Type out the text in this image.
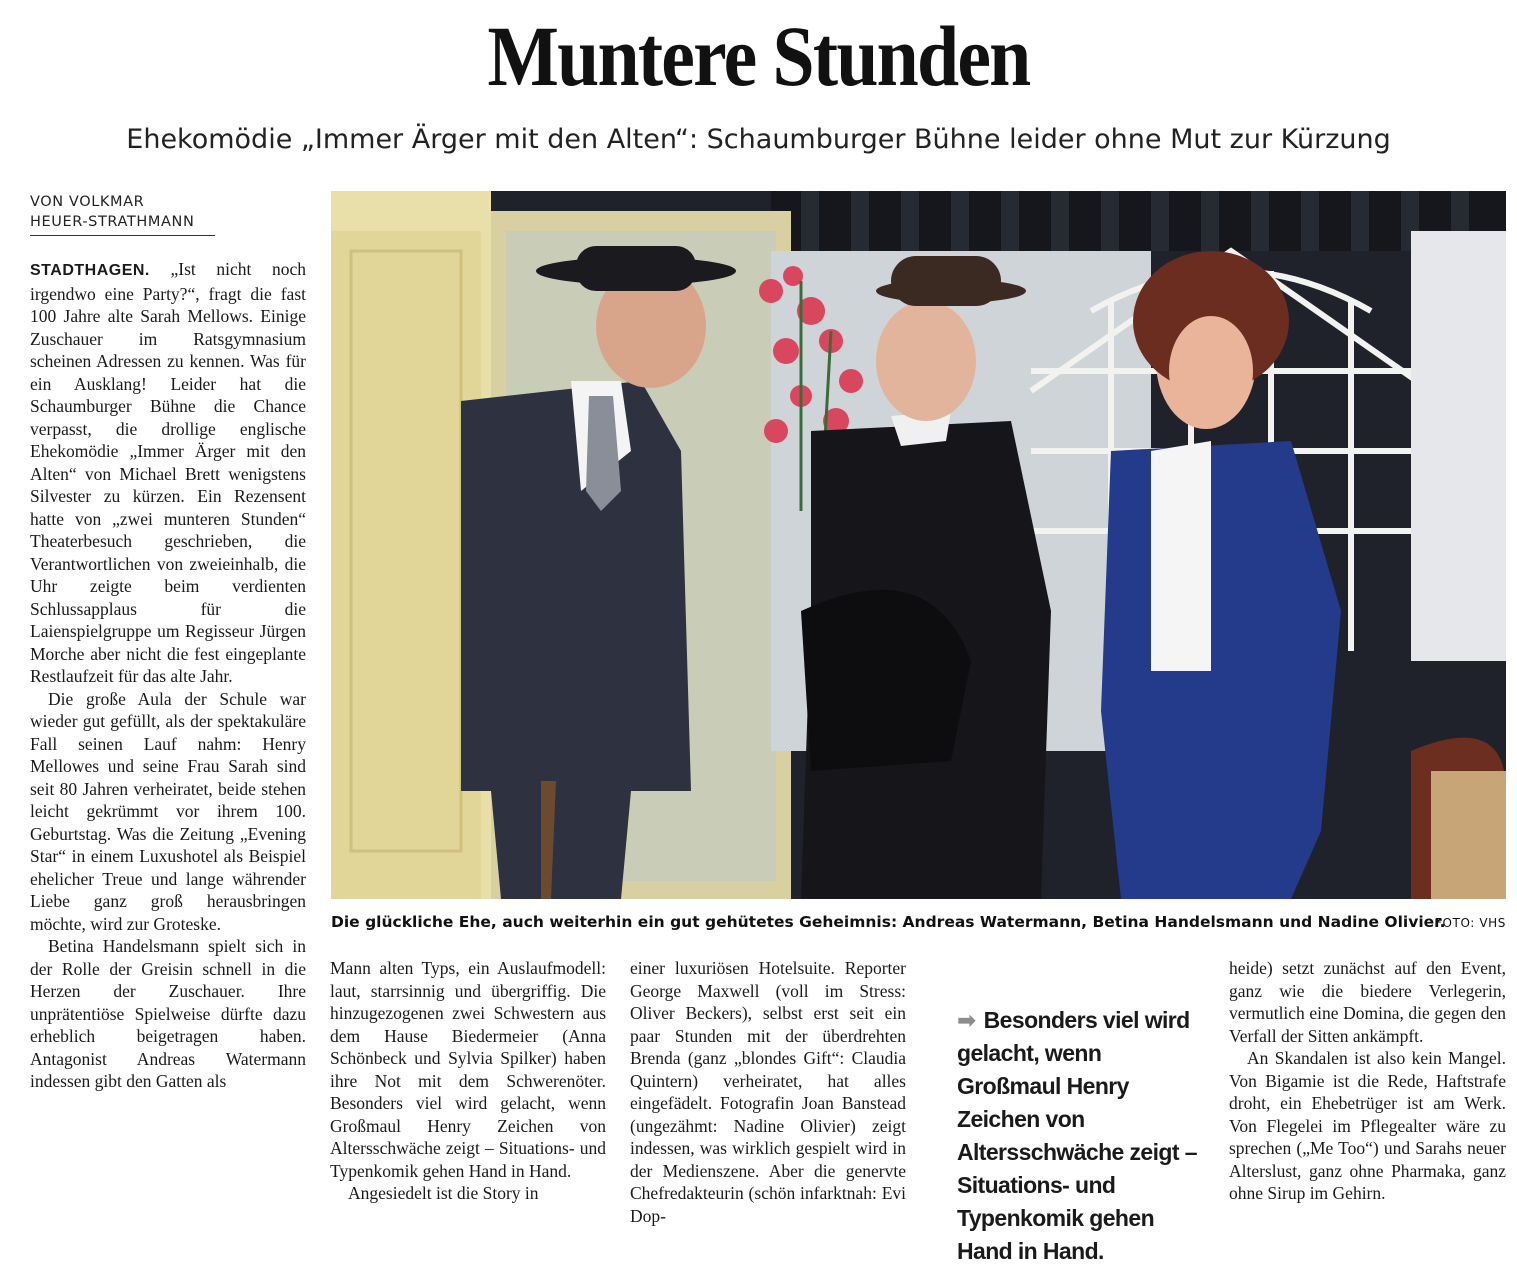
Muntere Stunden
Ehekomödie „Immer Ärger mit den Alten“: Schaumburger Bühne leider ohne Mut zur Kürzung
VON VOLKMAR
HEUER-STRATHMANN

STADTHAGEN. „Ist nicht noch irgendwo eine Party?“, fragt die fast 100 Jahre alte Sarah Mellows. Einige Zuschauer im Ratsgymnasium scheinen Adressen zu kennen. Was für ein Ausklang! Leider hat die Schaumburger Bühne die Chance verpasst, die drollige englische Ehekomödie „Immer Ärger mit den Alten“ von Michael Brett wenigstens Silvester zu kürzen. Ein Rezensent hatte von „zwei munteren Stunden“ Theaterbesuch geschrieben, die Verantwortlichen von zweieinhalb, die Uhr zeigte beim verdienten Schlussapplaus für die Laienspielgruppe um Regisseur Jürgen Morche aber nicht die fest eingeplante Restlaufzeit für das alte Jahr.

Die große Aula der Schule war wieder gut gefüllt, als der spektakuläre Fall seinen Lauf nahm: Henry Mellowes und seine Frau Sarah sind seit 80 Jahren verheiratet, beide stehen leicht gekrümmt vor ihrem 100. Geburtstag. Was die Zeitung „Evening Star“ in einem Luxushotel als Beispiel ehelicher Treue und lange währender Liebe ganz groß herausbringen möchte, wird zur Groteske.

Betina Handelsmann spielt sich in der Rolle der Greisin schnell in die Herzen der Zuschauer. Ihre unprätentiöse Spielweise dürfte dazu erheblich beigetragen haben. Antagonist Andreas Watermann indessen gibt den Gatten als

Die glückliche Ehe, auch weiterhin ein gut gehütetes Geheimnis: Andreas Watermann, Betina Handelsmann und Nadine Olivier.
FOTO: VHS

Mann alten Typs, ein Auslaufmodell: laut, starrsinnig und übergriffig. Die hinzugezogenen zwei Schwestern aus dem Hause Biedermeier (Anna Schönbeck und Sylvia Spilker) haben ihre Not mit dem Schwerenöter. Besonders viel wird gelacht, wenn Großmaul Henry Zeichen von Altersschwäche zeigt – Situations- und Typenkomik gehen Hand in Hand.

Angesiedelt ist die Story in

einer luxuriösen Hotelsuite. Reporter George Maxwell (voll im Stress: Oliver Beckers), selbst erst seit ein paar Stunden mit der überdrehten Brenda (ganz „blondes Gift“: Claudia Quintern) verheiratet, hat alles eingefädelt. Fotografin Joan Banstead (ungezähmt: Nadine Olivier) zeigt indessen, was wirklich gespielt wird in der Medienszene. Aber die genervte Chefredakteurin (schön infarktnah: Evi Dop-

➡ Besonders viel wird gelacht, wenn Großmaul Henry Zeichen von Altersschwäche zeigt – Situations- und Typenkomik gehen Hand in Hand.

heide) setzt zunächst auf den Event, ganz wie die biedere Verlegerin, vermutlich eine Domina, die gegen den Verfall der Sitten ankämpft.

An Skandalen ist also kein Mangel. Von Bigamie ist die Rede, Haftstrafe droht, ein Ehebetrüger ist am Werk. Von Flegelei im Pflegealter wäre zu sprechen („Me Too“) und Sarahs neuer Alterslust, ganz ohne Pharmaka, ganz ohne Sirup im Gehirn.
